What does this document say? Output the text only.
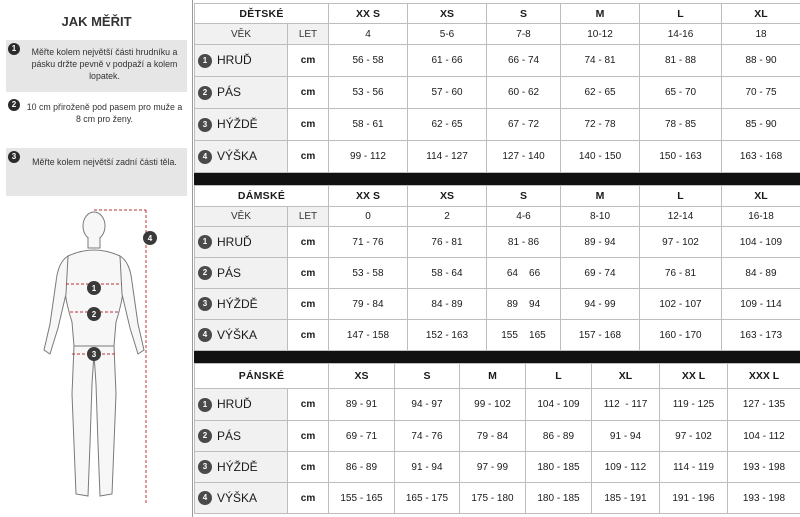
JAK MĚŘIT
1	Měřte kolem největší části hrudníku a pásku držte pevně v podpaží a kolem lopatek.
2	10 cm přiroženě pod pasem pro muže a 8 cm pro ženy.
3
Měřte kolem největší zadní části těla.
1
2
3
4
DĚTSKÉ		XX S	XS	S	M	L	XL
VĚK	LET	4	5-6	7-8	10-12	14-16	18
1 HRUĎ	cm	56 - 58	61 - 66	66 - 74	74 - 81	81 - 88	88 - 90
2 PÁS	cm	53 - 56	57 - 60	60 - 62	62 - 65	65 - 70	70 - 75
3 HÝŽDĚ	cm	58 - 61	62 - 65	67 - 72	72 - 78	78 - 85	85 - 90
4 VÝŠKA	cm	99 - 112	114 - 127	127 - 140	140 - 150	150 - 163	163 - 168
DÁMSKÉ		XX S	XS	S	M	L	XL
VĚK	LET	0	2	4-6	8-10	12-14	16-18
1 HRUĎ	cm	71 - 76	76 - 81	81 - 86	89 - 94	97 - 102	104 - 109
2 PÁS	cm	53 - 58	58 - 64	64    66	69 - 74	76 - 81	84 - 89
3 HÝŽDĚ	cm	79 - 84	84 - 89	89    94	94 - 99	102 - 107	109 - 114
4 VÝŠKA	cm	147 - 158	152 - 163	155    165	157 - 168	160 - 170	163 - 173
PÁNSKÉ		XS	S	M	L	XL	XX L	XXX L
1 HRUĎ	cm	89 - 91	94 - 97	99 - 102	104 - 109	112  - 117	119 - 125	127 - 135
2 PÁS	cm	69 - 71	74 - 76	79 - 84	86 - 89	91 - 94	97 - 102	104 - 112
3 HÝŽDĚ	cm	86 - 89	91 - 94	97 - 99	180 - 185	109 - 112	114 - 119	193 - 198
4 VÝŠKA	cm	155 - 165	165 - 175	175 - 180	180 - 185	185 - 191	191 - 196	193 - 198
